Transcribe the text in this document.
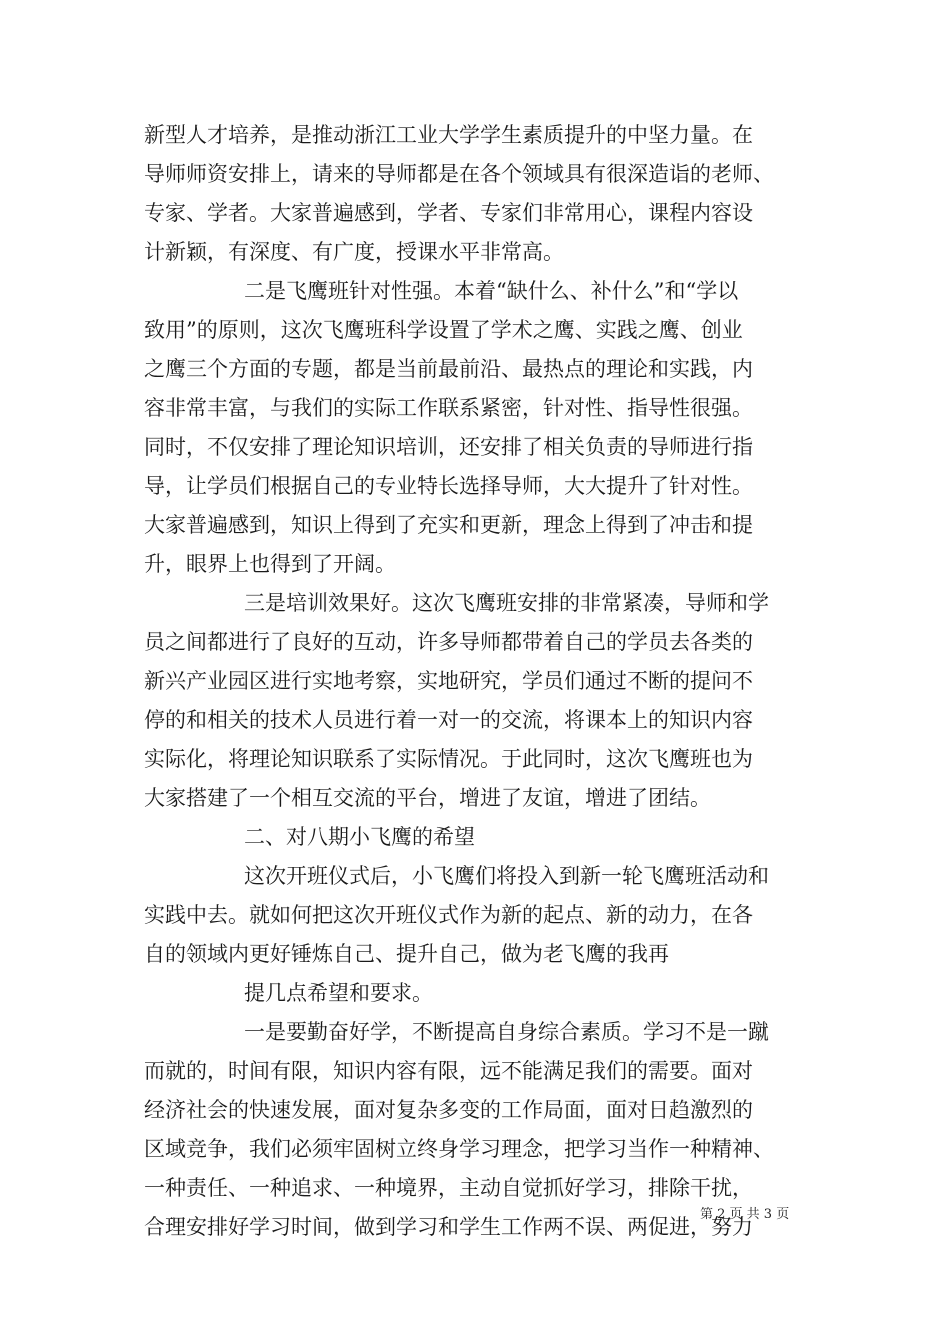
新型人才培养，是推动浙江工业大学学生素质提升的中坚力量。在
导师师资安排上，请来的导师都是在各个领域具有很深造诣的老师、
专家、学者。大家普遍感到，学者、专家们非常用心，课程内容设
计新颖，有深度、有广度，授课水平非常高。
二是飞鹰班针对性强。本着“缺什么、补什么”和“学以
致用”的原则，这次飞鹰班科学设置了学术之鹰、实践之鹰、创业
之鹰三个方面的专题，都是当前最前沿、最热点的理论和实践，内
容非常丰富，与我们的实际工作联系紧密，针对性、指导性很强。
同时，不仅安排了理论知识培训，还安排了相关负责的导师进行指
导，让学员们根据自己的专业特长选择导师，大大提升了针对性。
大家普遍感到，知识上得到了充实和更新，理念上得到了冲击和提
升，眼界上也得到了开阔。
三是培训效果好。这次飞鹰班安排的非常紧凑，导师和学
员之间都进行了良好的互动，许多导师都带着自己的学员去各类的
新兴产业园区进行实地考察，实地研究，学员们通过不断的提问不
停的和相关的技术人员进行着一对一的交流，将课本上的知识内容
实际化，将理论知识联系了实际情况。于此同时，这次飞鹰班也为
大家搭建了一个相互交流的平台，增进了友谊，增进了团结。
二、对八期小飞鹰的希望
这次开班仪式后，小飞鹰们将投入到新一轮飞鹰班活动和
实践中去。就如何把这次开班仪式作为新的起点、新的动力，在各
自的领域内更好锤炼自己、提升自己，做为老飞鹰的我再
提几点希望和要求。
一是要勤奋好学，不断提高自身综合素质。学习不是一蹴
而就的，时间有限，知识内容有限，远不能满足我们的需要。面对
经济社会的快速发展，面对复杂多变的工作局面，面对日趋激烈的
区域竞争，我们必须牢固树立终身学习理念，把学习当作一种精神、
一种责任、一种追求、一种境界，主动自觉抓好学习，排除干扰，
合理安排好学习时间，做到学习和学生工作两不误、两促进，努力
第 2 页 共 3 页
